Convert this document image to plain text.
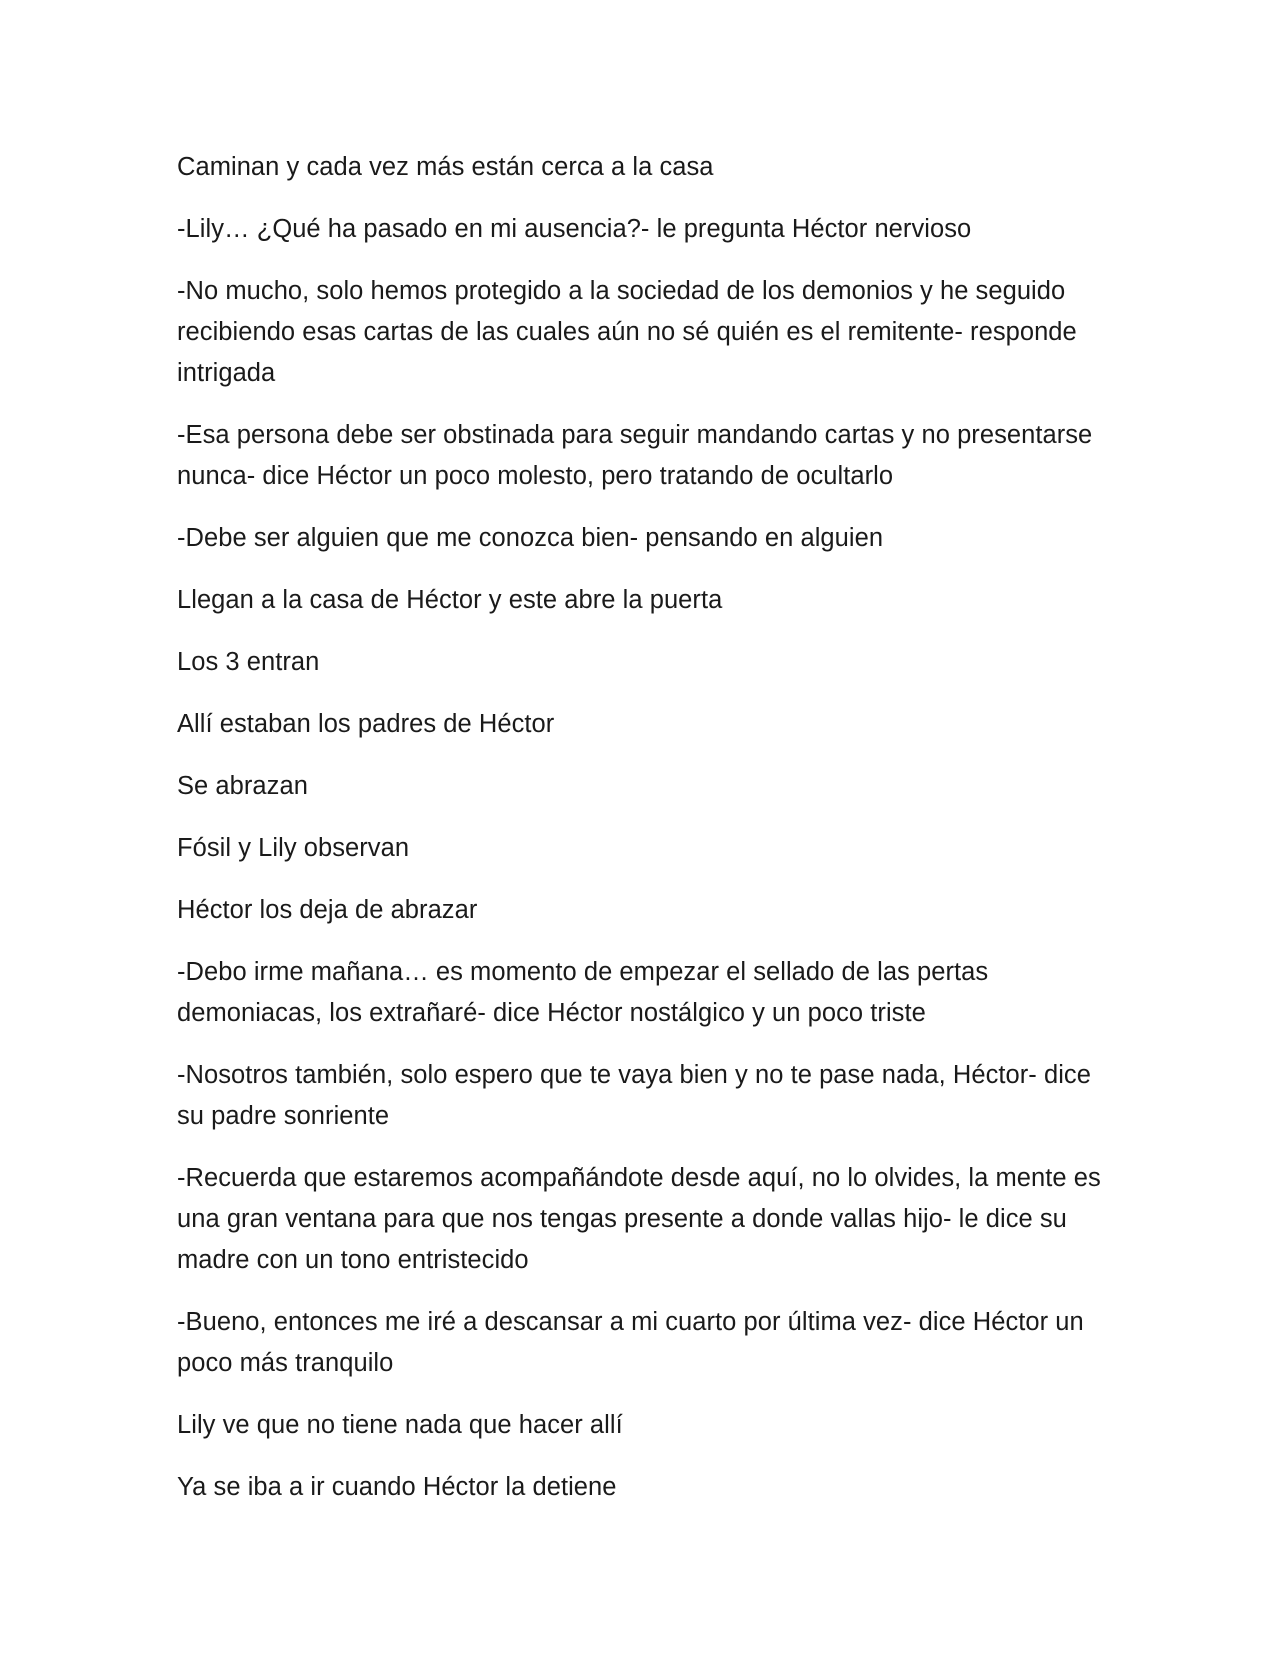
Caminan y cada vez más están cerca a la casa

-Lily… ¿Qué ha pasado en mi ausencia?- le pregunta Héctor nervioso

-No mucho, solo hemos protegido a la sociedad de los demonios y he seguido recibiendo esas cartas de las cuales aún no sé quién es el remitente- responde intrigada

-Esa persona debe ser obstinada para seguir mandando cartas y no presentarse nunca- dice Héctor un poco molesto, pero tratando de ocultarlo

-Debe ser alguien que me conozca bien- pensando en alguien

Llegan a la casa de Héctor y este abre la puerta

Los 3 entran

Allí estaban los padres de Héctor

Se abrazan

Fósil y Lily observan

Héctor los deja de abrazar

-Debo irme mañana… es momento de empezar el sellado de las pertas demoniacas, los extrañaré- dice Héctor nostálgico y un poco triste

-Nosotros también, solo espero que te vaya bien y no te pase nada, Héctor- dice su padre sonriente

-Recuerda que estaremos acompañándote desde aquí, no lo olvides, la mente es una gran ventana para que nos tengas presente a donde vallas hijo- le dice su madre con un tono entristecido

-Bueno, entonces me iré a descansar a mi cuarto por última vez- dice Héctor un poco más tranquilo

Lily ve que no tiene nada que hacer allí

Ya se iba a ir cuando Héctor la detiene
